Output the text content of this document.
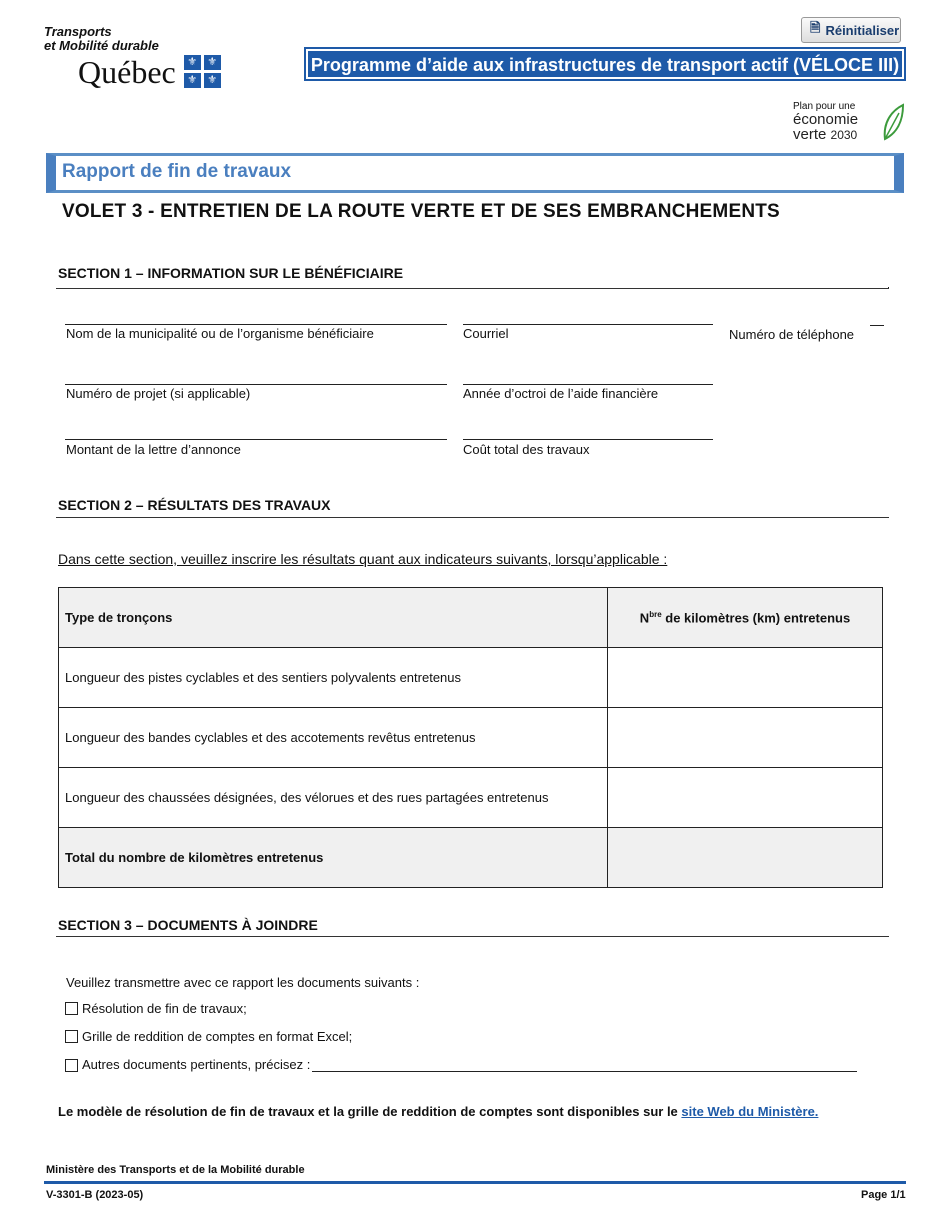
Transports
et Mobilité durable
Québec	⚜ ⚜
⚜ ⚜
🗎 Réinitialiser
Programme d’aide aux infrastructures de transport actif (VÉLOCE III)
Plan pour une
économie
verte 2030
Rapport de fin de travaux
VOLET 3 - ENTRETIEN DE LA ROUTE VERTE ET DE SES EMBRANCHEMENTS
SECTION 1 – INFORMATION SUR LE BÉNÉFICIAIRE
Nom de la municipalité ou de l’organisme bénéficiaire	Courriel	Numéro de téléphone
Numéro de projet (si applicable)	Année d’octroi de l’aide financière
Montant de la lettre d’annonce	Coût total des travaux
SECTION 2 – RÉSULTATS DES TRAVAUX
Dans cette section, veuillez inscrire les résultats quant aux indicateurs suivants, lorsqu’applicable :
Type de tronçons	$N^{bre}$ de kilomètres (km) entretenus
Longueur des pistes cyclables et des sentiers polyvalents entretenus	
Longueur des bandes cyclables et des accotements revêtus entretenus	
Longueur des chaussées désignées, des vélorues et des rues partagées entretenus	
Total du nombre de kilomètres entretenus	
SECTION 3 – DOCUMENTS À JOINDRE
Veuillez transmettre avec ce rapport les documents suivants :
Résolution de fin de travaux;
Grille de reddition de comptes en format Excel;
Autres documents pertinents, précisez :
Le modèle de résolution de fin de travaux et la grille de reddition de comptes sont disponibles sur le site Web du Ministère.
Ministère des Transports et de la Mobilité durable
V-3301-B (2023-05)	Page 1/1
